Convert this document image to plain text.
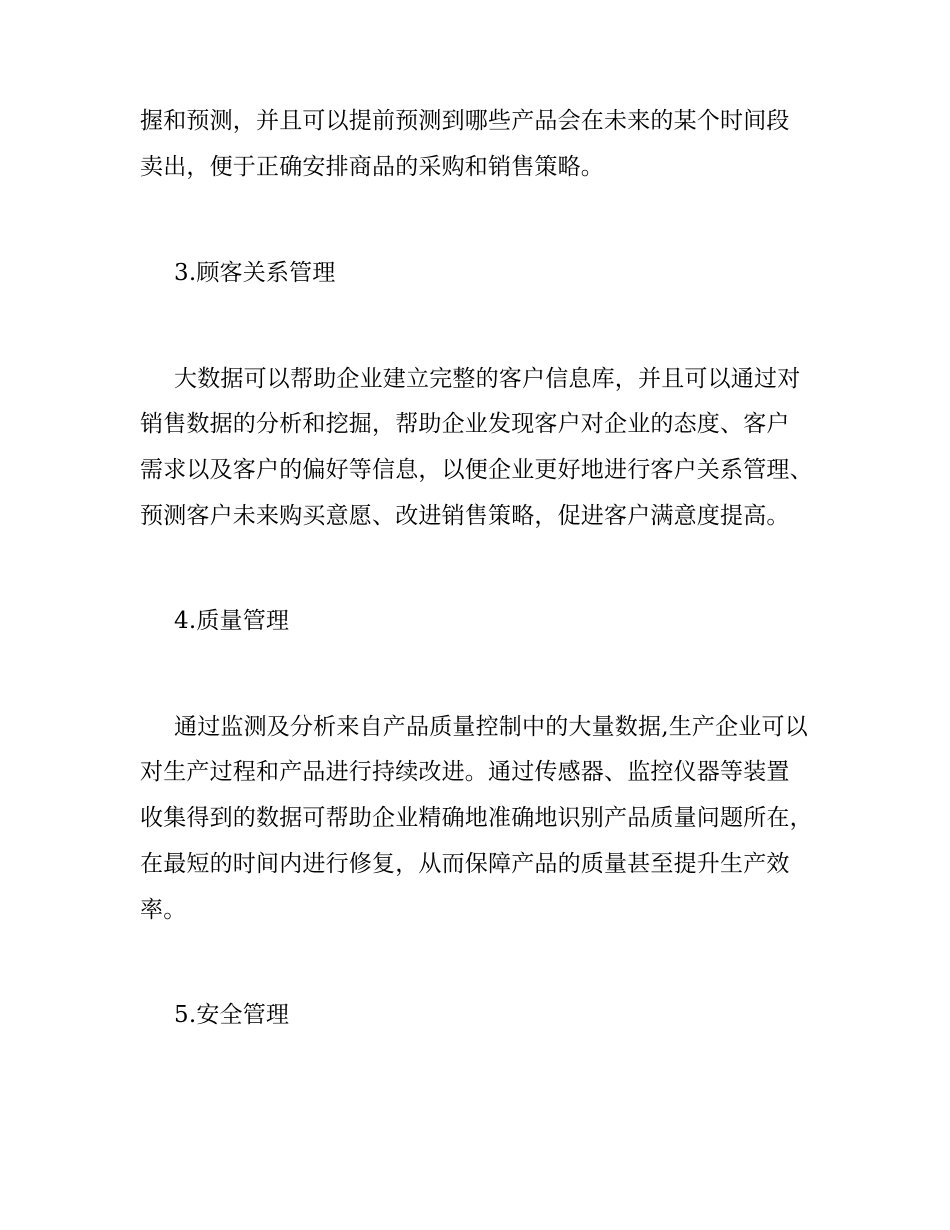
握和预测，并且可以提前预测到哪些产品会在未来的某个时间段
卖出，便于正确安排商品的采购和销售策略。
3.顾客关系管理
大数据可以帮助企业建立完整的客户信息库，并且可以通过对
销售数据的分析和挖掘，帮助企业发现客户对企业的态度、客户
需求以及客户的偏好等信息，以便企业更好地进行客户关系管理、
预测客户未来购买意愿、改进销售策略，促进客户满意度提高。
4.质量管理
通过监测及分析来自产品质量控制中的大量数据,生产企业可以
对生产过程和产品进行持续改进。通过传感器、监控仪器等装置
收集得到的数据可帮助企业精确地准确地识别产品质量问题所在，
在最短的时间内进行修复，从而保障产品的质量甚至提升生产效
率。
5.安全管理
